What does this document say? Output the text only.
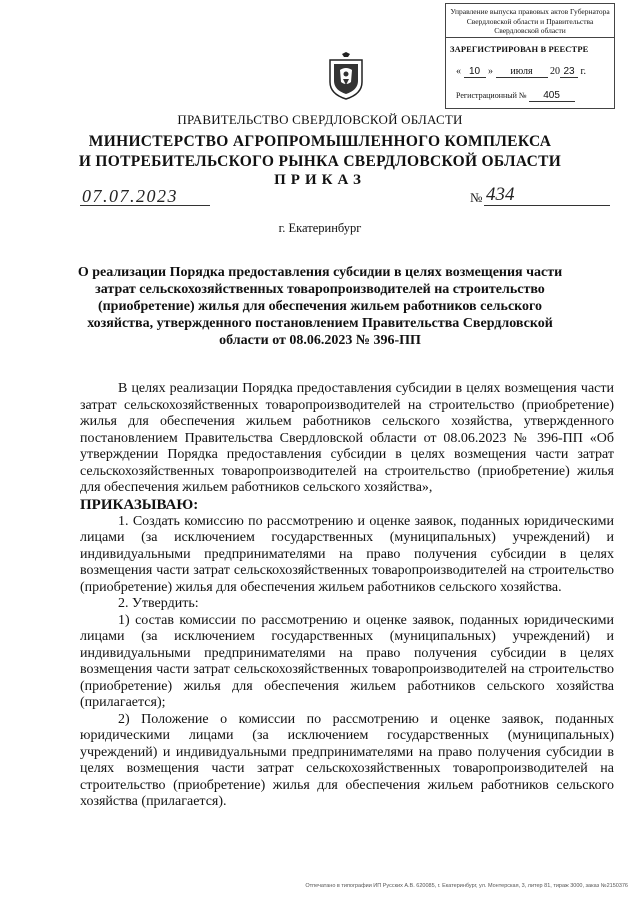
Управление выпуска правовых актов Губернатора Свердловской области и Правительства Свердловской области
ЗАРЕГИСТРИРОВАН В РЕЕСТРЕ
« 10 » июля 20 23 г.
Регистрационный № 405
ПРАВИТЕЛЬСТВО СВЕРДЛОВСКОЙ ОБЛАСТИ
МИНИСТЕРСТВО АГРОПРОМЫШЛЕННОГО КОМПЛЕКСА
И ПОТРЕБИТЕЛЬСКОГО РЫНКА СВЕРДЛОВСКОЙ ОБЛАСТИ
ПРИКАЗ
07.07.2023	№ 434
г. Екатеринбург
О реализации Порядка предоставления субсидии в целях возмещения части затрат сельскохозяйственных товаропроизводителей на строительство (приобретение) жилья для обеспечения жильем работников сельского хозяйства, утвержденного постановлением Правительства Свердловской области от 08.06.2023 № 396-ПП

В целях реализации Порядка предоставления субсидии в целях возмещения части затрат сельскохозяйственных товаропроизводителей на строительство (приобретение) жилья для обеспечения жильем работников сельского хозяйства, утвержденного постановлением Правительства Свердловской области от 08.06.2023 № 396-ПП «Об утверждении Порядка предоставления субсидии в целях возмещения части затрат сельскохозяйственных товаропроизводителей на строительство (приобретение) жилья для обеспечения жильем работников сельского хозяйства»,

ПРИКАЗЫВАЮ:

1. Создать комиссию по рассмотрению и оценке заявок, поданных юридическими лицами (за исключением государственных (муниципальных) учреждений) и индивидуальными предпринимателями на право получения субсидии в целях возмещения части затрат сельскохозяйственных товаропроизводителей на строительство (приобретение) жилья для обеспечения жильем работников сельского хозяйства.

2. Утвердить:

1) состав комиссии по рассмотрению и оценке заявок, поданных юридическими лицами (за исключением государственных (муниципальных) учреждений) и индивидуальными предпринимателями на право получения субсидии в целях возмещения части затрат сельскохозяйственных товаропроизводителей на строительство (приобретение) жилья для обеспечения жильем работников сельского хозяйства (прилагается);

2) Положение о комиссии по рассмотрению и оценке заявок, поданных юридическими лицами (за исключением государственных (муниципальных) учреждений) и индивидуальными предпринимателями на право получения субсидии в целях возмещения части затрат сельскохозяйственных товаропроизводителей на строительство (приобретение) жилья для обеспечения жильем работников сельского хозяйства (прилагается).

Отпечатано в типографии ИП Русских А.В. 620085, г. Екатеринбург, ул. Монтерская, 3, литер 81, тираж 3000, заказ №2150376
